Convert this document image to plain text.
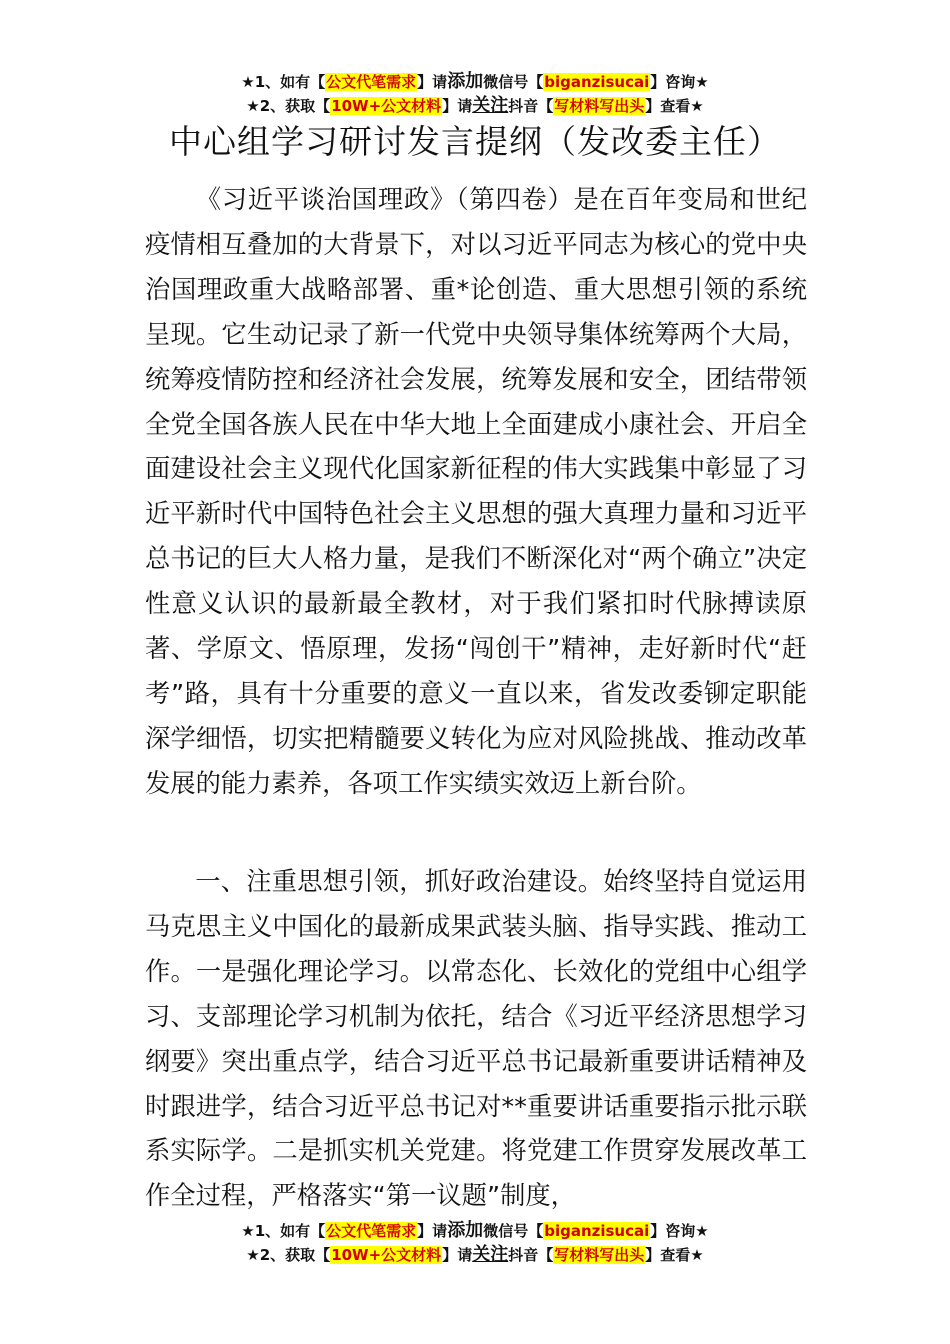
★1、如有【公文代笔需求】请添加微信号【biganzisucai】咨询★
★2、获取【10W+公文材料】请关注抖音【写材料写出头】查看★
中心组学习研讨发言提纲（发改委主任）

《习近平谈治国理政》（第四卷）是在百年变局和世纪疫情相互叠加的大背景下，对以习近平同志为核心的党中央治国理政重大战略部署、重*论创造、重大思想引领的系统呈现。它生动记录了新一代党中央领导集体统筹两个大局，统筹疫情防控和经济社会发展，统筹发展和安全，团结带领全党全国各族人民在中华大地上全面建成小康社会、开启全面建设社会主义现代化国家新征程的伟大实践集中彰显了习近平新时代中国特色社会主义思想的强大真理力量和习近平总书记的巨大人格力量，是我们不断深化对“两个确立”决定性意义认识的最新最全教材，对于我们紧扣时代脉搏读原著、学原文、悟原理，发扬“闯创干”精神，走好新时代“赶考”路，具有十分重要的意义一直以来，省发改委铆定职能深学细悟，切实把精髓要义转化为应对风险挑战、推动改革发展的能力素养，各项工作实绩实效迈上新台阶。

一、注重思想引领，抓好政治建设。始终坚持自觉运用马克思主义中国化的最新成果武装头脑、指导实践、推动工作。一是强化理论学习。以常态化、长效化的党组中心组学习、支部理论学习机制为依托，结合《习近平经济思想学习纲要》突出重点学，结合习近平总书记最新重要讲话精神及时跟进学，结合习近平总书记对**重要讲话重要指示批示联系实际学。二是抓实机关党建。将党建工作贯穿发展改革工作全过程，严格落实“第一议题”制度，

★1、如有【公文代笔需求】请添加微信号【biganzisucai】咨询★
★2、获取【10W+公文材料】请关注抖音【写材料写出头】查看★
